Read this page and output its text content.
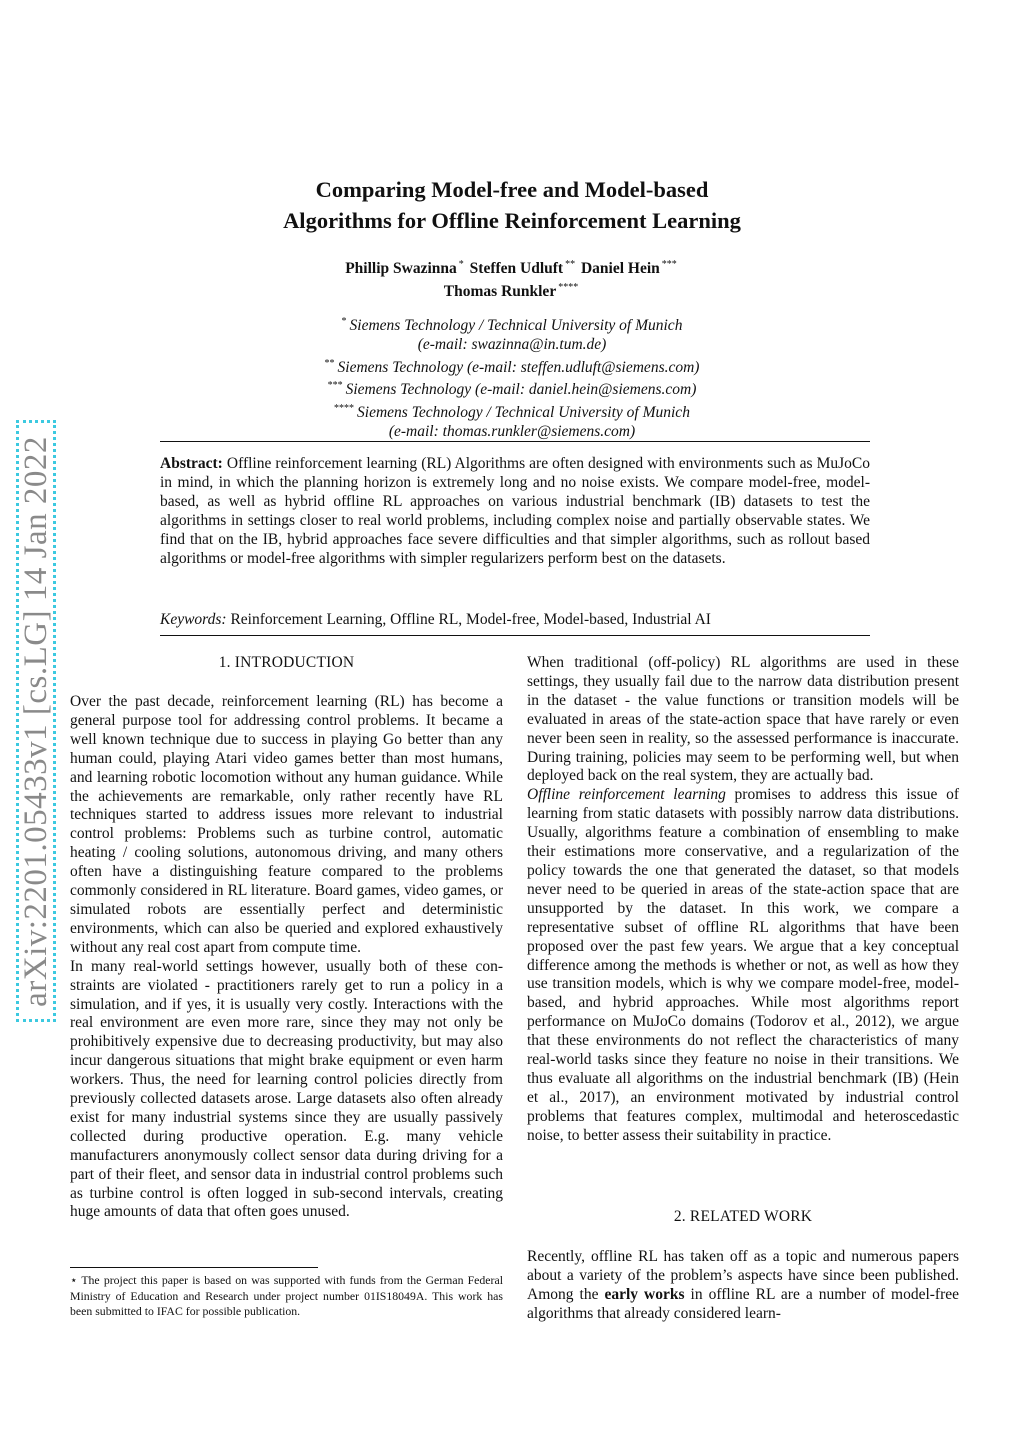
arXiv:2201.05433v1 [cs.LG] 14 Jan 2022
Comparing Model-free and Model-based
Algorithms for Offline Reinforcement Learning
Phillip Swazinna * Steffen Udluft ** Daniel Hein ***
Thomas Runkler ****
* Siemens Technology / Technical University of Munich
(e-mail: swazinna@in.tum.de)
** Siemens Technology (e-mail: steffen.udluft@siemens.com)
*** Siemens Technology (e-mail: daniel.hein@siemens.com)
**** Siemens Technology / Technical University of Munich
(e-mail: thomas.runkler@siemens.com)
Abstract: Offline reinforcement learning (RL) Algorithms are often designed with environments such as MuJoCo in mind, in which the planning horizon is extremely long and no noise exists. We compare model-free, model-based, as well as hybrid offline RL approaches on various industrial benchmark (IB) datasets to test the algorithms in settings closer to real world problems, including complex noise and partially observable states. We find that on the IB, hybrid approaches face severe difficulties and that simpler algorithms, such as rollout based algorithms or model-free algorithms with simpler regularizers perform best on the datasets.
Keywords: Reinforcement Learning, Offline RL, Model-free, Model-based, Industrial AI
1. INTRODUCTION

Over the past decade, reinforcement learning (RL) has become a general purpose tool for addressing control problems. It became a well known technique due to success in playing Go better than any human could, playing Atari video games better than most humans, and learning robotic locomotion without any human guidance. While the achievements are remarkable, only rather recently have RL techniques started to address issues more relevant to industrial control problems: Problems such as turbine control, automatic heating / cooling solutions, autonomous driving, and many others often have a distinguishing feature compared to the problems commonly considered in RL literature. Board games, video games, or simulated robots are essentially perfect and deterministic environments, which can also be queried and explored exhaustively without any real cost apart from compute time.

In many real-world settings however, usually both of these constraints are violated - practitioners rarely get to run a policy in a simulation, and if yes, it is usually very costly. Interactions with the real environment are even more rare, since they may not only be prohibitively expensive due to decreasing productivity, but may also incur dangerous situations that might brake equipment or even harm workers. Thus, the need for learning control policies directly from previously collected datasets arose. Large datasets also often already exist for many industrial systems since they are usually passively collected during productive operation. E.g. many vehicle manufacturers anonymously collect sensor data during driving for a part of their fleet, and sensor data in industrial control problems such as turbine control is often logged in sub-second intervals, creating huge amounts of data that often goes unused.

⋆ The project this paper is based on was supported with funds from the German Federal Ministry of Education and Research under project number 01IS18049A. This work has been submitted to IFAC for possible publication.

When traditional (off-policy) RL algorithms are used in these settings, they usually fail due to the narrow data distribution present in the dataset - the value functions or transition models will be evaluated in areas of the state-action space that have rarely or even never been seen in reality, so the assessed performance is inaccurate. During training, policies may seem to be performing well, but when deployed back on the real system, they are actually bad.

Offline reinforcement learning promises to address this issue of learning from static datasets with possibly narrow data distributions. Usually, algorithms feature a combination of ensembling to make their estimations more conservative, and a regularization of the policy towards the one that generated the dataset, so that models never need to be queried in areas of the state-action space that are unsupported by the dataset. In this work, we compare a representative subset of offline RL algorithms that have been proposed over the past few years. We argue that a key conceptual difference among the methods is whether or not, as well as how they use transition models, which is why we compare model-free, model-based, and hybrid approaches. While most algorithms report performance on MuJoCo domains (Todorov et al., 2012), we argue that these environments do not reflect the characteristics of many real-world tasks since they feature no noise in their transitions. We thus evaluate all algorithms on the industrial benchmark (IB) (Hein et al., 2017), an environment motivated by industrial control problems that features complex, multimodal and heteroscedastic noise, to better assess their suitability in practice.

2. RELATED WORK

Recently, offline RL has taken off as a topic and numerous papers about a variety of the problem’s aspects have since been published. Among the early works in offline RL are a number of model-free algorithms that already considered learn-
